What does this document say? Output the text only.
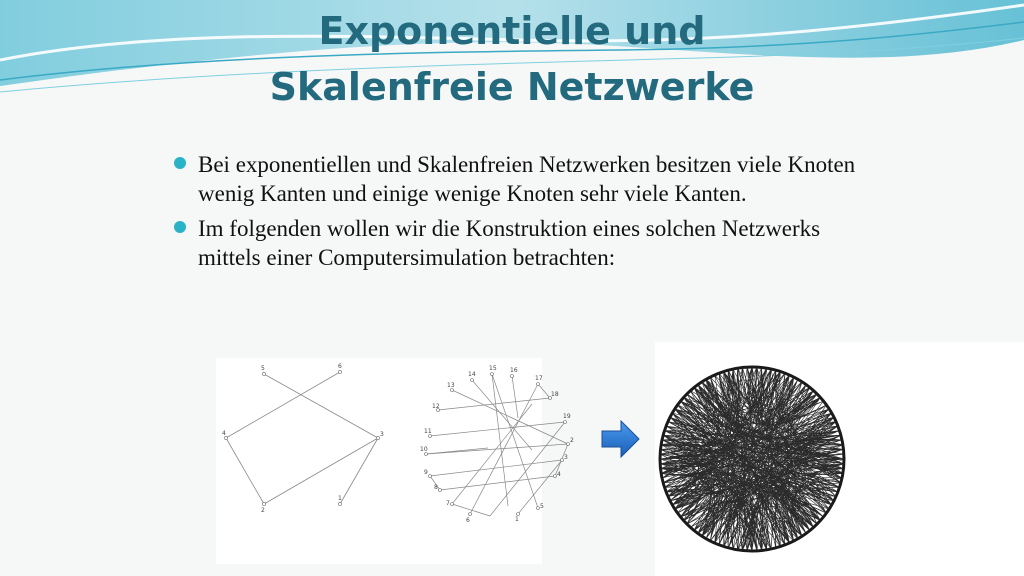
Exponentielle und
Skalenfreie Netzwerke
Bei exponentiellen und Skalenfreien Netzwerken besitzen viele Knoten wenig Kanten und einige wenige Knoten sehr viele Kanten.
Im folgenden wollen wir die Konstruktion eines solchen Netzwerks mittels einer Computersimulation betrachten:
5	6
4	3
2
1
15
14
16
13
17
18
12
19
11
10
2
9
3
8
4
7	5
6	1
